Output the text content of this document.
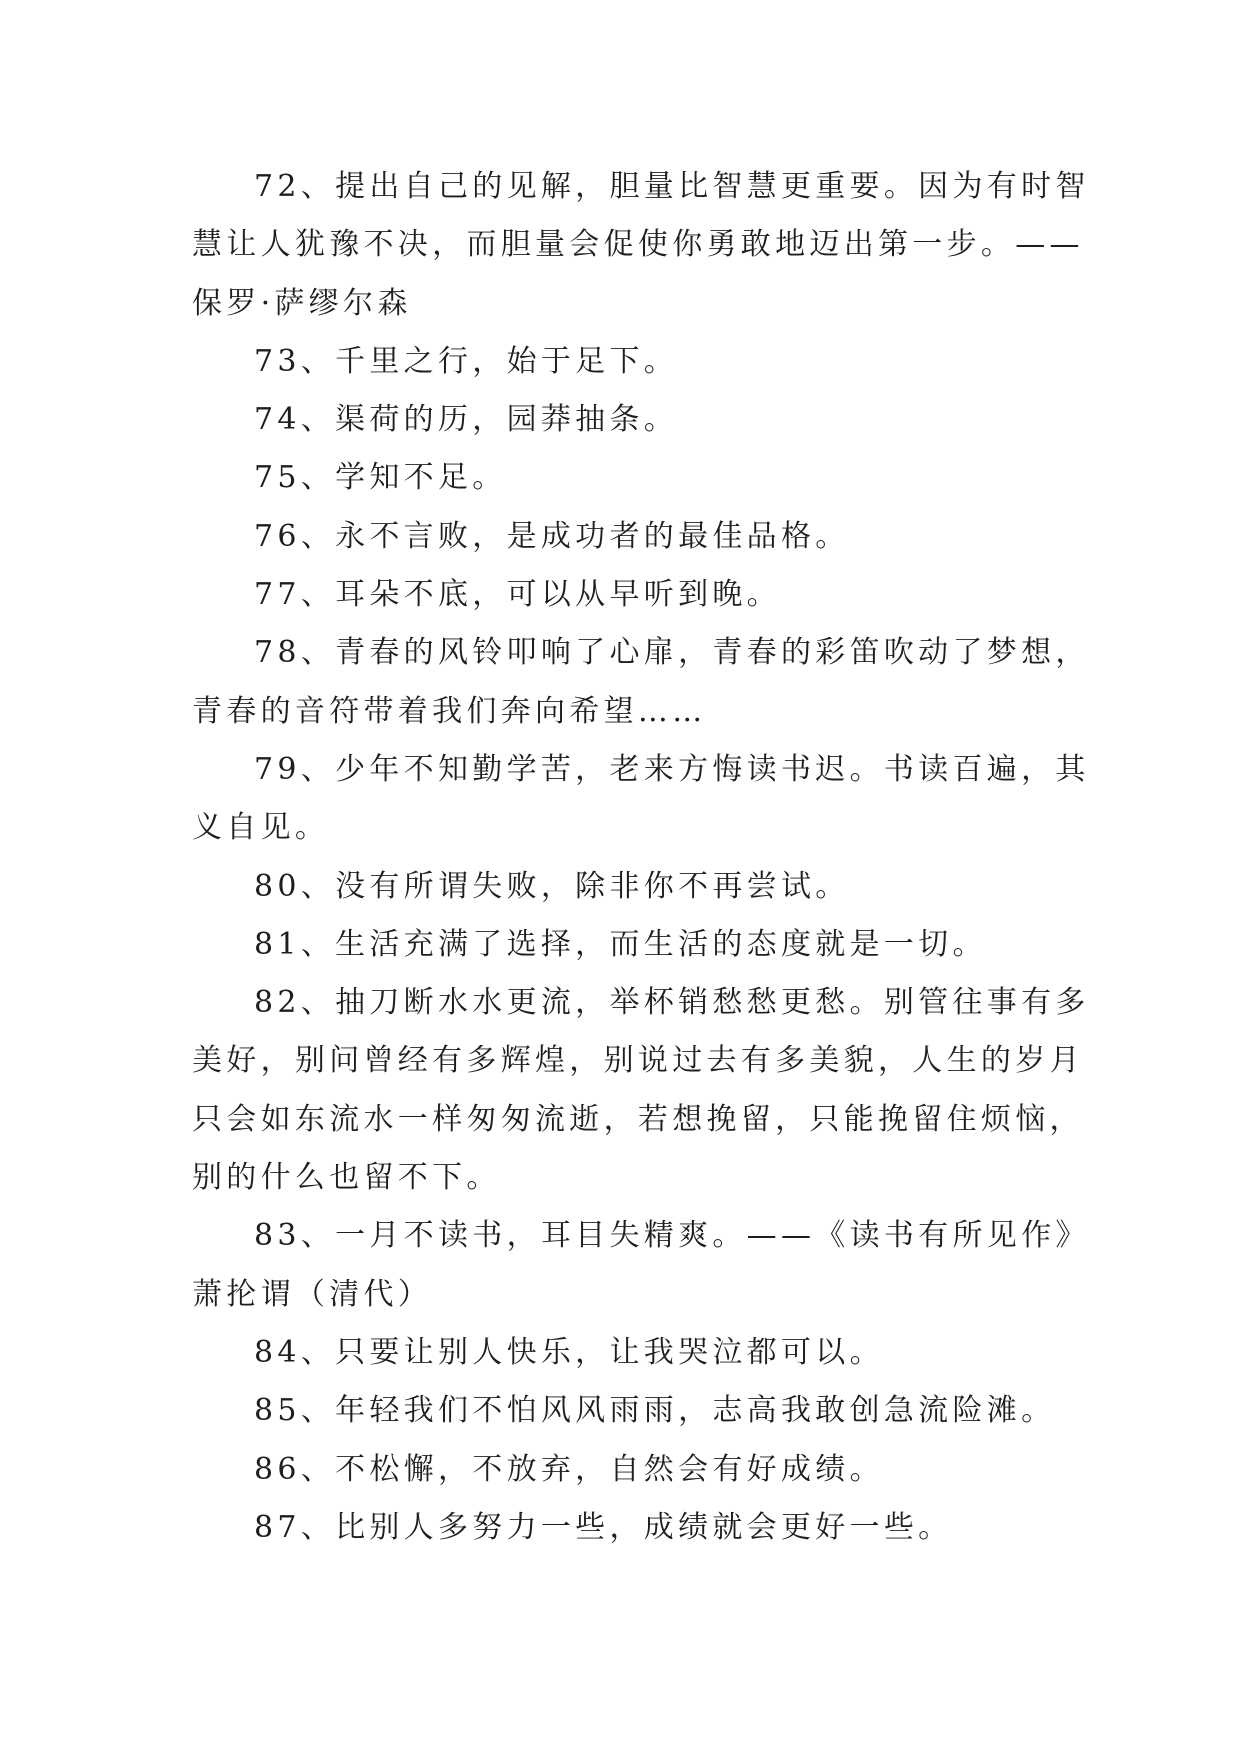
72、提出自己的见解，胆量比智慧更重要。因为有时智
慧让人犹豫不决，而胆量会促使你勇敢地迈出第一步。——
保罗·萨缪尔森
73、千里之行，始于足下。
74、渠荷的历，园莽抽条。
75、学知不足。
76、永不言败，是成功者的最佳品格。
77、耳朵不底，可以从早听到晚。
78、青春的风铃叩响了心扉，青春的彩笛吹动了梦想，
青春的音符带着我们奔向希望……
79、少年不知勤学苦，老来方悔读书迟。书读百遍，其
义自见。
80、没有所谓失败，除非你不再尝试。
81、生活充满了选择，而生活的态度就是一切。
82、抽刀断水水更流，举杯销愁愁更愁。别管往事有多
美好，别问曾经有多辉煌，别说过去有多美貌，人生的岁月
只会如东流水一样匆匆流逝，若想挽留，只能挽留住烦恼，
别的什么也留不下。
83、一月不读书，耳目失精爽。——《读书有所见作》
萧抡谓（清代）
84、只要让别人快乐，让我哭泣都可以。
85、年轻我们不怕风风雨雨，志高我敢创急流险滩。
86、不松懈，不放弃，自然会有好成绩。
87、比别人多努力一些，成绩就会更好一些。
